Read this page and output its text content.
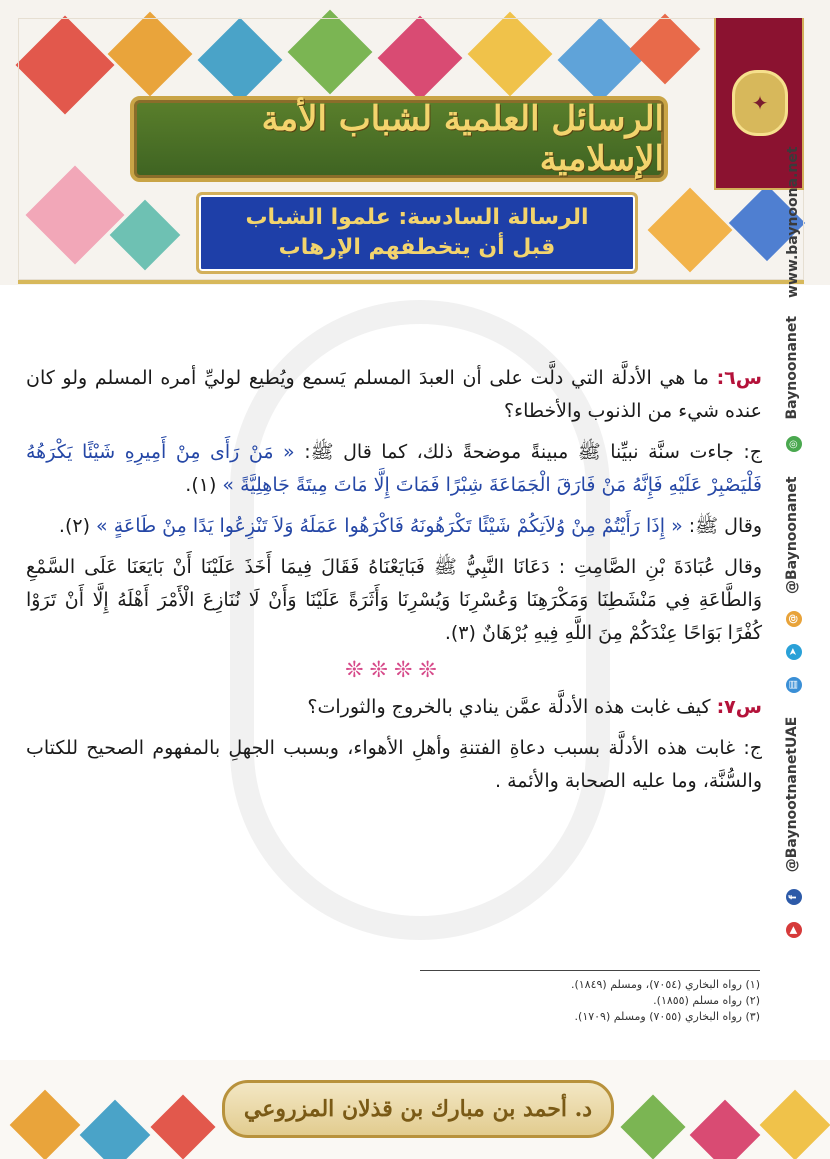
✦
الرسائل العلمية لشباب الأمة الإسلامية
الرسالة السادسة: علموا الشباب
قبل أن يتخطفهم الإرهاب
▶ f @BaynootnanetUAE
▤ ➤ @ @Baynoonanet
◎ Baynoonanet
www.baynoona.net

س٦: ما هي الأدلَّة التي دلَّت على أن العبدَ المسلم يَسمع ويُطيع لوليِّ أمره المسلم ولو كان عنده شيء من الذنوب والأخطاء؟

ج: جاءت سنَّة نبيِّنا ﷺ مبينةً موضحةً ذلك، كما قال ﷺ: « مَنْ رَأَى مِنْ أَمِيرِهِ شَيْئًا يَكْرَهُهُ فَلْيَصْبِرْ عَلَيْهِ فَإِنَّهُ مَنْ فَارَقَ الْجَمَاعَةَ شِبْرًا فَمَاتَ إِلَّا مَاتَ مِيتَةً جَاهِلِيَّةً » (١).

وقال ﷺ: « إِذَا رَأَيْتُمْ مِنْ وُلاَتِكُمْ شَيْئًا تَكْرَهُونَهُ فَاكْرَهُوا عَمَلَهُ وَلاَ تَنْزِعُوا يَدًا مِنْ طَاعَةٍ » (٢).

وقال عُبَادَةَ بْنِ الصَّامِتِ : دَعَانَا النَّبِيُّ ﷺ فَبَايَعْنَاهُ فَقَالَ فِيمَا أَخَذَ عَلَيْنَا أَنْ بَايَعَنَا عَلَى السَّمْعِ وَالطَّاعَةِ فِي مَنْشَطِنَا وَمَكْرَهِنَا وَعُسْرِنَا وَيُسْرِنَا وَأَثَرَةً عَلَيْنَا وَأَنْ لَا نُنَازِعَ الْأَمْرَ أَهْلَهُ إِلَّا أَنْ تَرَوْا كُفْرًا بَوَاحًا عِنْدَكُمْ مِنَ اللَّهِ فِيهِ بُرْهَانٌ (٣).

❊❊❊❊

س٧: كيف غابت هذه الأدلَّة عمَّن ينادي بالخروج والثورات؟

ج: غابت هذه الأدلَّة بسبب دعاةِ الفتنةِ وأهلِ الأهواء، وبسبب الجهلِ بالمفهوم الصحيح للكتاب والسُّنَّة، وما عليه الصحابة والأئمة .

(١) رواه البخاري (٧٠٥٤)، ومسلم (١٨٤٩).
(٢) رواه مسلم (١٨٥٥).
(٣) رواه البخاري (٧٠٥٥) ومسلم (١٧٠٩).
د. أحمد بن مبارك بن قذلان المزروعي
